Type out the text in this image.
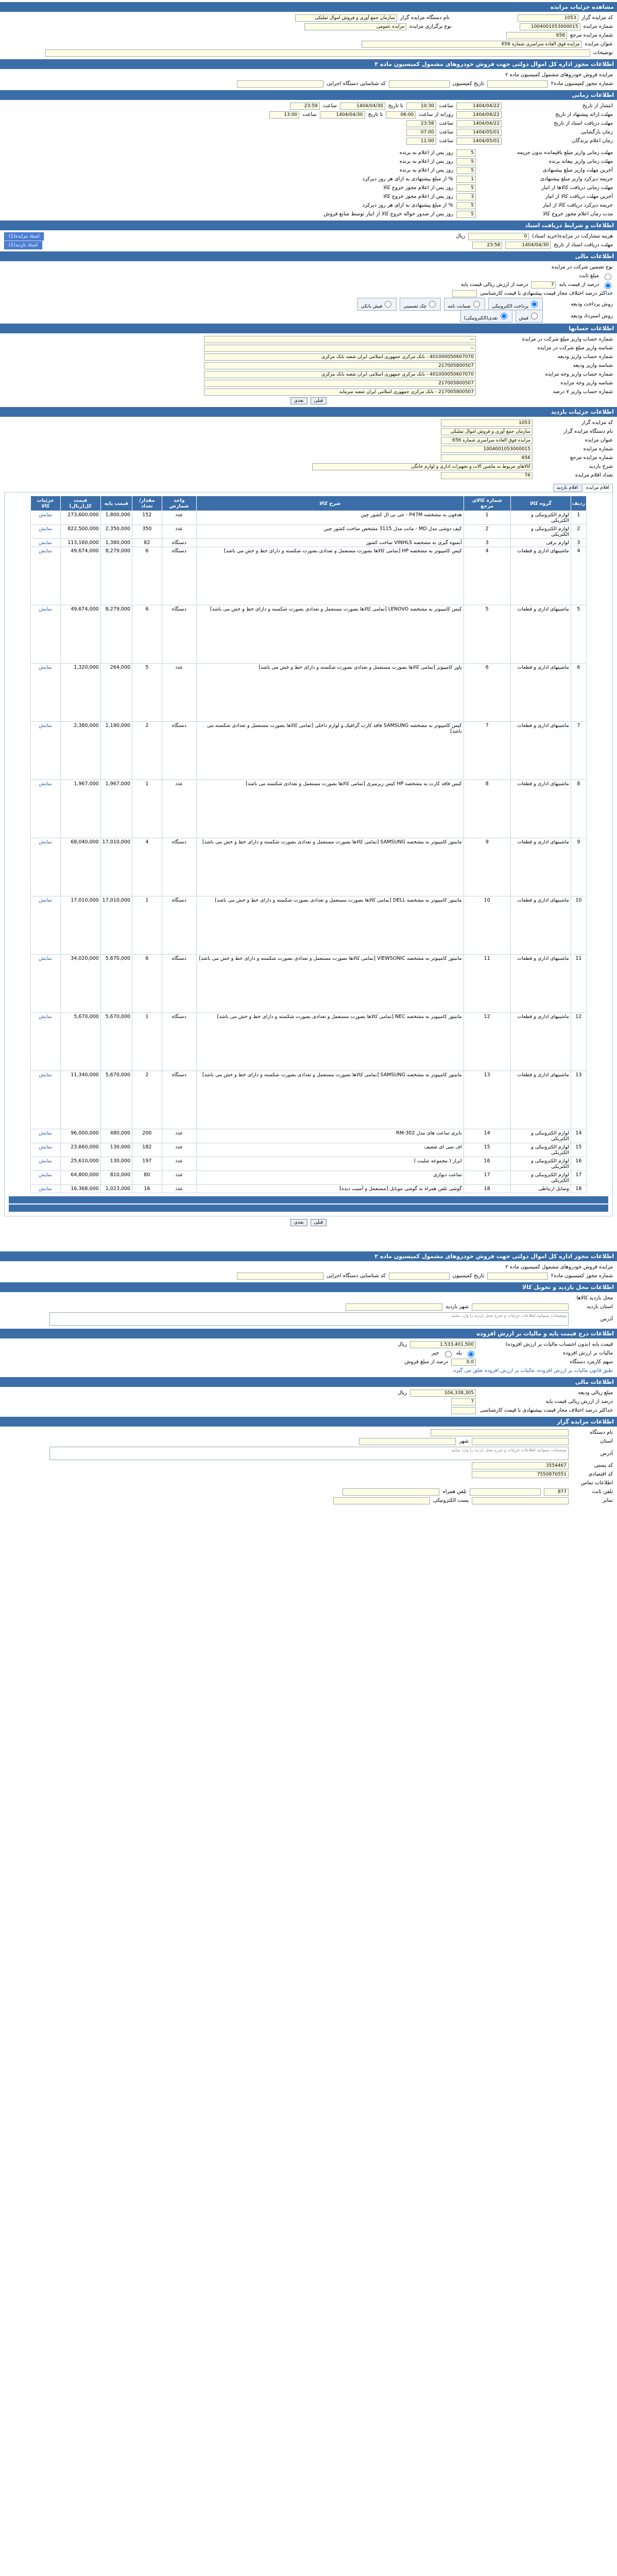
مشاهده جزئیات مزایده
کد مزایده گزار
1053
نام دستگاه مزایده گزار
سازمان جمع آوری و فروش اموال تملیکی
شماره مزایده
1004001053000015
نوع برگزاری مزایده
مزایده عمومی
شماره مزایده مرجع
656
عنوان مزایده
مزایده فوق العاده سراسری شماره 656
توضیحات
اطلاعات مجوز اداره کل اموال دولتی جهت فروش خودروهای مشمول کمیسیون ماده ۲
مزایده فروش خودروهای مشمول کمیسیون ماده ۲
شماره مجوز کمیسیون ماده۲
تاریخ کمیسیون
کد شناسایی دستگاه اجرایی
اطلاعات زمانی
انتشار از تاریخ
1404/04/22
ساعت
10:30
تا تاریخ
1404/04/30
ساعت
23:59
مهلت ارائه پیشنهاد از تاریخ
1404/04/22
روزانه از ساعت
06:00
تا تاریخ
1404/04/30
ساعت
13:00
مهلت دریافت اسناد از تاریخ
1404/04/22
ساعت
23:58
زمان بازگشایی
1404/05/01
ساعت
07:00
زمان اعلام برندگان
1404/05/01
ساعت
11:00
مهلت زمانی واریز مبلغ باقیمانده بدون جریمه
5
روز پس از اعلام به برنده
مهلت زمانی واریز بیعانه برنده
5
روز پس از اعلام به برنده
آخرین مهلت واریز مبلغ پیشنهادی
5
روز پس از اعلام به برنده
جریمه دیرکرد واریز مبلغ پیشنهادی
1
% از مبلغ پیشنهادی به ازای هر روز دیرکرد
مهلت زمانی دریافت کالاها از انبار
5
روز پس از اعلام مجوز خروج کالا
آخرین مهلت دریافت کالا از انبار
3
روز پس از اعلام مجوز خروج کالا
جریمه دیرکرد دریافت کالا از انبار
5
% از مبلغ پیشنهادی به ازای هر روز دیرکرد
مدت زمان اعلام مجوز خروج کالا
5
روز پس از صدور حواله خروج کالا از انبار توسط منابع فروش
اطلاعات و شرایط دریافت اسناد
هزینه مشارکت در مزایده(خرید اسناد)
0
ریال
اسناد مزایده(1)
مهلت دریافت اسناد از تاریخ
1404/04/30
23:58
اسناد بازدید(1)
اطلاعات مالی
نوع تضمین شرکت در مزایده
مبلغ ثابت
درصد از قیمت پایه
7
درصد از ارزش ریالی قیمت پایه
حداکثر درصد اختلاف مجاز قیمت پیشنهادی با قیمت کارشناسی
روش پرداخت ودیعه
پرداخت الکترونیکی
ضمانت نامه
چک تضمینی
فیش بانکی
روش استرداد ودیعه
فیش
نقدی(الکترونیکی)
اطلاعات حسابها
شماره حساب واریز مبلغ شرکت در مزایده
--
شناسه واریز مبلغ شرکت در مزایده
--
شماره حساب واریز ودیعه
401000050607070 - بانک مرکزی جمهوری اسلامی ایران شعبه بانک مرکزی
شناسه واریز ودیعه
217005800507
شماره حساب واریز وجه مزایده
401000050607070 - بانک مرکزی جمهوری اسلامی ایران شعبه بانک مرکزی
شناسه واریز وجه مزایده
217005800507
شماره حساب واریز ۷ درصد
217005800507 - بانک مرکزی جمهوری اسلامی ایران شعبه سرمایه
قبلی
بعدی
اطلاعات جزئیات بازدید
کد مزایده گزار
1053
نام دستگاه مزایده گزار
سازمان جمع آوری و فروش اموال تملیکی
عنوان مزایده
مزایده فوق العاده سراسری شماره 656
شماره مزایده
1004001053000015
شماره مزایده مرجع
656
شرح بازدید
کالاهای مربوط به ماشین آلات و تجهیزات اداری و لوازم خانگی
تعداد اقلام مزایده
76
اقلام مزایده
اقلام بازدید
ردیف	گروه کالا	شماره کالای مرجع	شرح کالا	واحد شمارش	مقدار/تعداد	قیمت پایه	قیمت کل(ریال)	جزئیات کالا
1	لوازم الکترونیکی و الکتریکی	1	هدفون به مشخصه P47M - جی بی ال کشور چین	عدد	152	1,800,000	273,600,000	نمایش
2	لوازم الکترونیکی و الکتریکی	2	کیف دوشی مدل MD - ماتت مدل 3115 مشخص ساخت کشور چین	عدد	350	2,350,000	822,500,000	نمایش
3	لوازم برقی	3	آبمیوه گیری به مشخصه VINHLS ساخت کشور	دستگاه	82	1,380,000	113,160,000	نمایش
4	ماشینهای اداری و قطعات	4	کیس کامپیوتر به مشخصه HP [تمامی کالاها بصورت مستعمل و تعدادی بصورت شکسته و دارای خط و خش می باشد]	دستگاه	6	8,279,000	49,674,000	نمایش
5	ماشینهای اداری و قطعات	5	کیس کامپیوتر به مشخصه LENOVO [تمامی کالاها بصورت مستعمل و تعدادی بصورت شکسته و دارای خط و خش می باشد]	دستگاه	6	8,279,000	49,674,000	نمایش
6	ماشینهای اداری و قطعات	6	پاور کامپیوتر [تمامی کالاها بصورت مستعمل و تعدادی بصورت شکسته و دارای خط و خش می باشد]	عدد	5	264,000	1,320,000	نمایش
7	ماشینهای اداری و قطعات	7	کیس کامپیوتر به مشخصه SAMSUNG فاقد کارت گرافیک و لوازم داخلی [تمامی کالاها بصورت مستعمل و تعدادی شکسته می باشد]	دستگاه	2	1,190,000	2,380,000	نمایش
8	ماشینهای اداری و قطعات	8	کیس فاقد کارت به مشخصه HP کیس زیرمیزی [تمامی کالاها بصورت مستعمل و تعدادی شکسته می باشد]	عدد	1	1,967,000	1,967,000	نمایش
9	ماشینهای اداری و قطعات	9	مانیتور کامپیوتر به مشخصه SAMSUNG [تمامی کالاها بصورت مستعمل و تعدادی بصورت شکسته و دارای خط و خش می باشد]	دستگاه	4	17,010,000	68,040,000	نمایش
10	ماشینهای اداری و قطعات	10	مانیتور کامپیوتر به مشخصه DELL [تمامی کالاها بصورت مستعمل و تعدادی بصورت شکسته و دارای خط و خش می باشد]	دستگاه	1	17,010,000	17,010,000	نمایش
11	ماشینهای اداری و قطعات	11	مانیتور کامپیوتر به مشخصه VIEWSONIC [تمامی کالاها بصورت مستعمل و تعدادی بصورت شکسته و دارای خط و خش می باشد]	دستگاه	6	5,670,000	34,020,000	نمایش
12	ماشینهای اداری و قطعات	12	مانیتور کامپیوتر به مشخصه NEC [تمامی کالاها بصورت مستعمل و تعدادی بصورت شکسته و دارای خط و خش می باشد]	دستگاه	1	5,670,000	5,670,000	نمایش
13	ماشینهای اداری و قطعات	13	مانیتور کامپیوتر به مشخصه SAMSUNG [تمامی کالاها بصورت مستعمل و تعدادی بصورت شکسته و دارای خط و خش می باشد]	دستگاه	2	5,670,000	11,340,000	نمایش
14	لوازم الکترونیکی و الکتریکی	14	باتری ساعت های مدل 302-RM	عدد	200	480,000	96,000,000	نمایش
15	لوازم الکترونیکی و الکتریکی	15	اف سی ای ضعیف	عدد	182	130,000	23,660,000	نمایش
16	لوازم الکترونیکی و الکتریکی	16	ابزار ( مجموعه شلیت )	عدد	197	130,000	25,610,000	نمایش
17	لوازم الکترونیکی و الکتریکی	17	ساعت دیواری	عدد	80	810,000	64,800,000	نمایش
18	وسایل ارتباطی	18	گوشی تلفن همراه به گوشی موبایل [مستعمل و آسیب دیده]	عدد	16	1,023,000	16,368,000	نمایش
قبلی
بعدی
اطلاعات مجوز اداره کل اموال دولتی جهت فروش خودروهای مشمول کمیسیون ماده ۲
مزایده فروش خودروهای مشمول کمیسیون ماده ۲
شماره مجوز کمیسیون ماده۲
تاریخ کمیسیون
کد شناسایی دستگاه اجرایی
اطلاعات محل بازدید و تحویل کالا
محل بازدید کالاها
استان بازدید
شهر بازدید
آدرس
توضیحات میتوانید اطلاعات جزئیات و شرح محل بازدید را وارد نمایید
اطلاعات درج قیمت پایه و مالیات بر ارزش افزوده
قیمت پایه (بدون احتساب مالیات بر ارزش افزوده)
1,533,401,500
ریال
مالیات بر ارزش افزوده
بله
خیر
سهم کارمزد دستگاه
0.0
درصد از مبلغ فروش
طبق قانون مالیات بر ارزش افزوده، مالیات بر ارزش افزوده تعلق می گیرد.
اطلاعات مالی
مبلغ ریالی ودیعه
104,338,305
ریال
درصد از ارزش ریالی قیمت پایه
7
حداکثر درصد اختلاف مجاز قیمت پیشنهادی با قیمت کارشناسی
اطلاعات مزایده گزار
نام دستگاه
استان
شهر
آدرس
توضیحات میتوانید اطلاعات جزئیات و شرح محل بازدید را وارد نمایید
کد پستی
3554467
کد اقتصادی
7550870551
اطلاعات تماس
تلفن ثابت
877
تلفن همراه
نمابر
پست الکترونیکی
